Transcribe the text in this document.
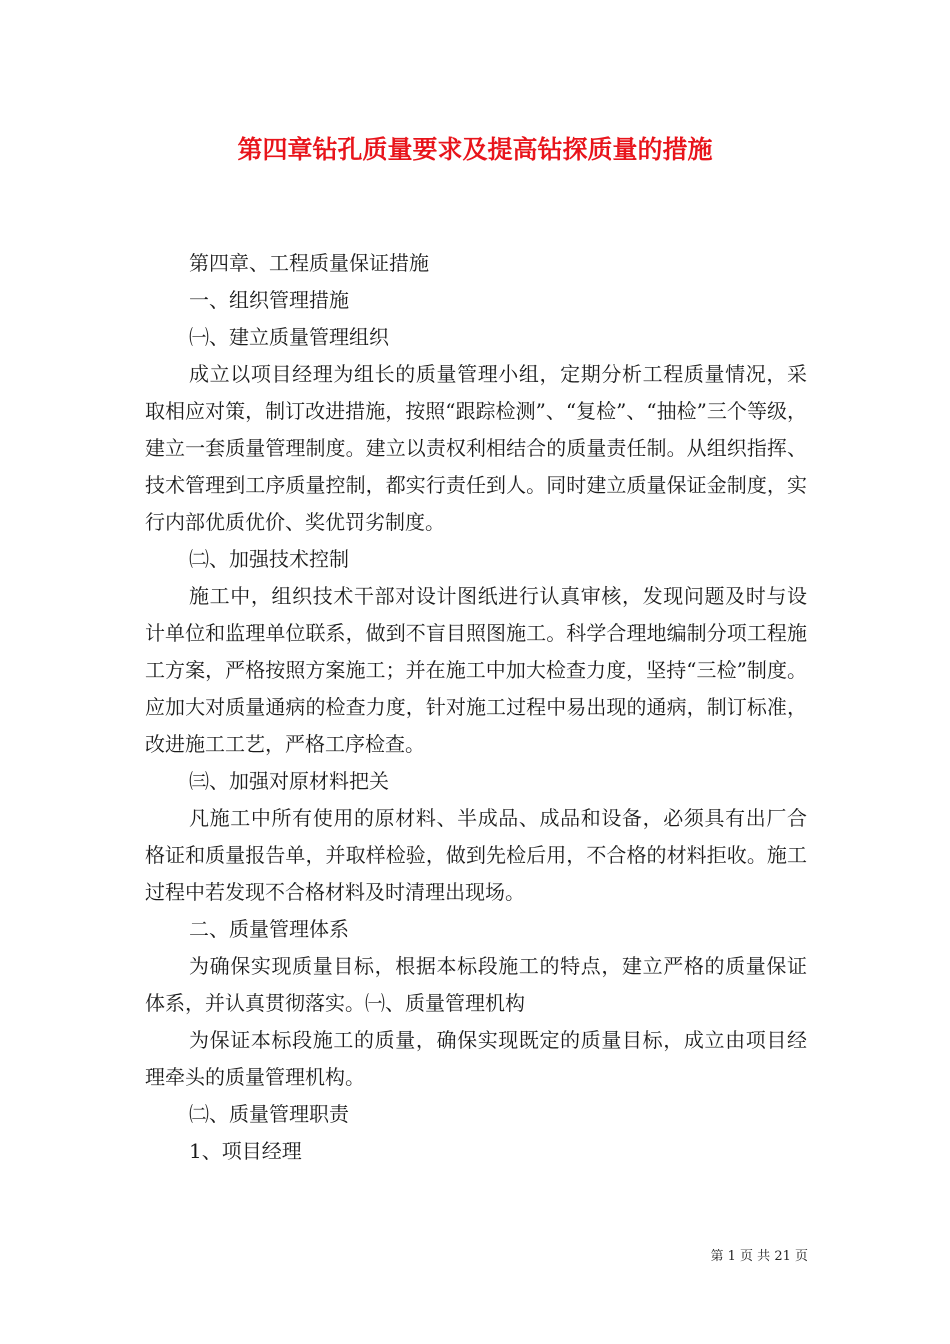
第四章钻孔质量要求及提高钻探质量的措施

第四章、工程质量保证措施

一、组织管理措施

㈠、建立质量管理组织

成立以项目经理为组长的质量管理小组，定期分析工程质量情况，采取相应对策，制订改进措施，按照“跟踪检测”、“复检”、“抽检”三个等级，建立一套质量管理制度。建立以责权利相结合的质量责任制。从组织指挥、技术管理到工序质量控制，都实行责任到人。同时建立质量保证金制度，实行内部优质优价、奖优罚劣制度。

㈡、加强技术控制

施工中，组织技术干部对设计图纸进行认真审核，发现问题及时与设计单位和监理单位联系，做到不盲目照图施工。科学合理地编制分项工程施工方案，严格按照方案施工；并在施工中加大检查力度，坚持“三检”制度。应加大对质量通病的检查力度，针对施工过程中易出现的通病，制订标准，改进施工工艺，严格工序检查。

㈢、加强对原材料把关

凡施工中所有使用的原材料、半成品、成品和设备，必须具有出厂合格证和质量报告单，并取样检验，做到先检后用，不合格的材料拒收。施工过程中若发现不合格材料及时清理出现场。

二、质量管理体系

为确保实现质量目标，根据本标段施工的特点，建立严格的质量保证体系，并认真贯彻落实。㈠、质量管理机构

为保证本标段施工的质量，确保实现既定的质量目标，成立由项目经理牵头的质量管理机构。

㈡、质量管理职责

1、项目经理

第 1 页 共 21 页
